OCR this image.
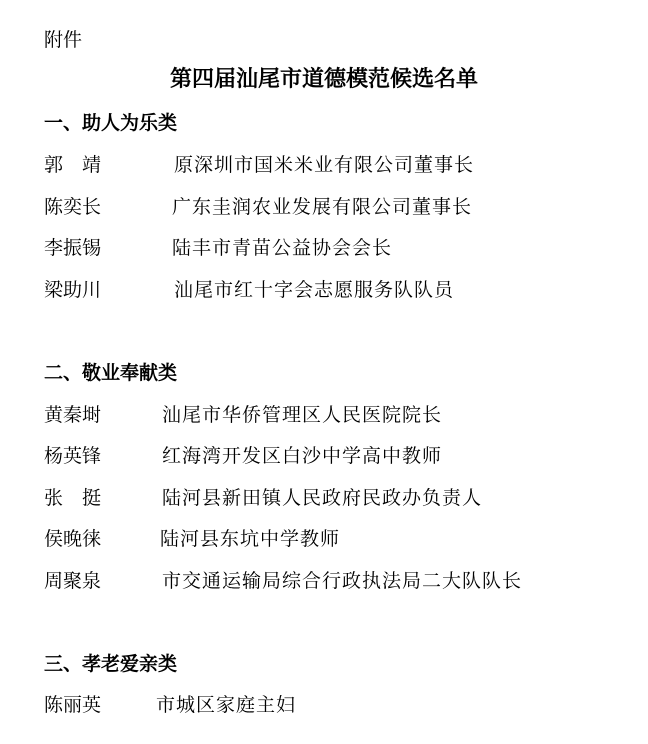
附件
第四届汕尾市道德模范候选名单
一、助人为乐类
郭　靖	原深圳市国米米业有限公司董事长
陈奕长	广东圭润农业发展有限公司董事长
李振锡	陆丰市青苗公益协会会长
梁助川	汕尾市红十字会志愿服务队队员
二、敬业奉献类
黄秦埘	汕尾市华侨管理区人民医院院长
杨英锋	红海湾开发区白沙中学高中教师
张　挺	陆河县新田镇人民政府民政办负责人
侯晚徕	陆河县东坑中学教师
周聚泉	市交通运输局综合行政执法局二大队队长
三、孝老爱亲类
陈丽英	市城区家庭主妇
